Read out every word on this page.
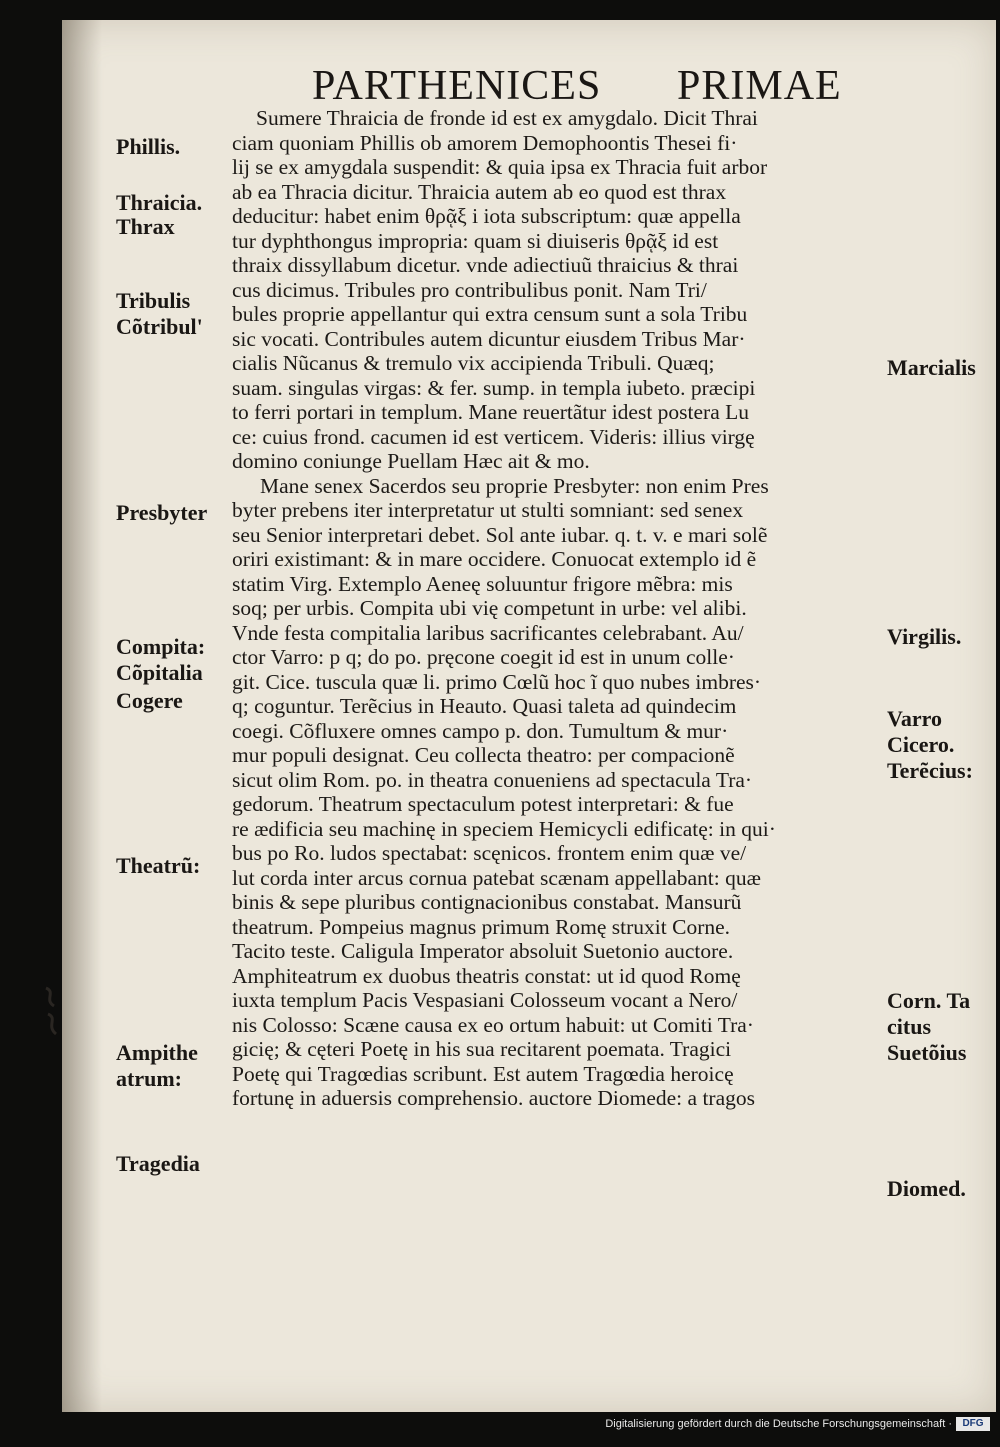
PARTHENICES PRIMAE
Sumere Thraicia de fronde id est ex amygdalo. Dicit Thrai
ciam quoniam Phillis ob amorem Demophoontis Thesei fi·
lij se ex amygdala suspendit: & quia ipsa ex Thracia fuit arbor
ab ea Thracia dicitur. Thraicia autem ab eo quod est thrax
deducitur: habet enim θρᾷξ i iota subscriptum: quæ appella
tur dyphthongus impropria: quam si diuiseris θρᾷξ id est
thraix dissyllabum dicetur. vnde adiectiuũ thraicius & thrai
cus dicimus. Tribules pro contribulibus ponit. Nam Tri/
bules proprie appellantur qui extra censum sunt a sola Tribu
sic vocati. Contribules autem dicuntur eiusdem Tribus Mar·
cialis Nũcanus & tremulo vix accipienda Tribuli. Quæq;
suam. singulas virgas: & fer. sump. in templa iubeto. præcipi
to ferri portari in templum. Mane reuertãtur idest postera Lu
ce: cuius frond. cacumen id est verticem. Videris: illius virgę
domino coniunge Puellam Hæc ait & mo.
Mane senex Sacerdos seu proprie Presbyter: non enim Pres
byter prebens iter interpretatur ut stulti somniant: sed senex
seu Senior interpretari debet. Sol ante iubar. q. t. v. e mari solẽ
oriri existimant: & in mare occidere. Conuocat extemplo id ẽ
statim Virg. Extemplo Aeneę soluuntur frigore mẽbra: mis
soq; per urbis. Compita ubi vię competunt in urbe: vel alibi.
Vnde festa compitalia laribus sacrificantes celebrabant. Au/
ctor Varro: p q; do po. pręcone coegit id est in unum colle·
git. Cice. tuscula quæ li. primo Cœlũ hoc ĩ quo nubes imbres·
q; coguntur. Terẽcius in Heauto. Quasi taleta ad quindecim
coegi. Cõfluxere omnes campo p. don. Tumultum & mur·
mur populi designat. Ceu collecta theatro: per compacionẽ
sicut olim Rom. po. in theatra conueniens ad spectacula Tra·
gedorum. Theatrum spectaculum potest interpretari: & fue
re ædificia seu machinę in speciem Hemicycli edificatę: in qui·
bus po Ro. ludos spectabat: scęnicos. frontem enim quæ ve/
lut corda inter arcus cornua patebat scænam appellabant: quæ
binis & sepe pluribus contignacionibus constabat. Mansurũ
theatrum. Pompeius magnus primum Romę struxit Corne.
Tacito teste. Caligula Imperator absoluit Suetonio auctore.
Amphiteatrum ex duobus theatris constat: ut id quod Romę
iuxta templum Pacis Vespasiani Colosseum vocant a Nero/
nis Colosso: Scæne causa ex eo ortum habuit: ut Comiti Tra·
gicię; & cęteri Poetę in his sua recitarent poemata. Tragici
Poetę qui Tragœdias scribunt. Est autem Tragœdia heroicę
fortunę in aduersis comprehensio. auctore Diomede: a tragos
Phillis.
Thraicia.
Thrax
Tribulis
Cõtribul'
Presbyter
Compita:
Cõpitalia
Cogere
Theatrũ:
Ampithe
atrum:
Tragedia
Marcialis
Virgilis.
Varro
Cicero.
Terẽcius:
Corn. Ta
citus
Suetõius
Diomed.
Digitalisierung gefördert durch die Deutsche Forschungsgemeinschaft ·	DFG
